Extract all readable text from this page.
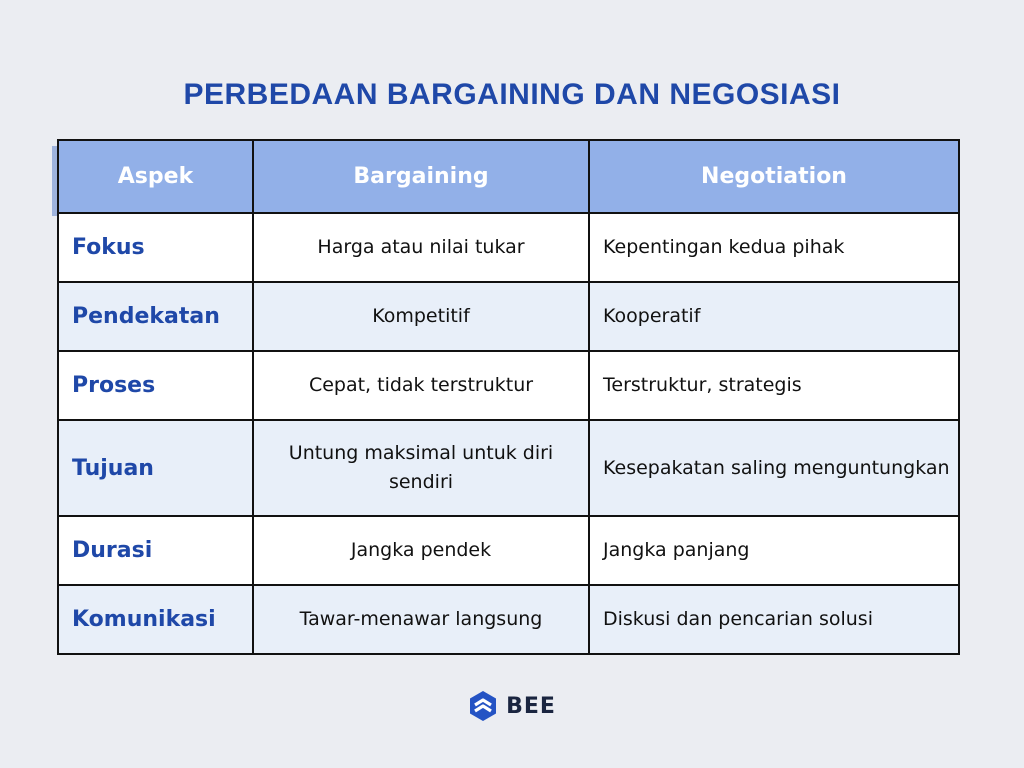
PERBEDAAN BARGAINING DAN NEGOSIASI
Aspek	Bargaining	Negotiation
Fokus	Harga atau nilai tukar	Kepentingan kedua pihak
Pendekatan	Kompetitif	Kooperatif
Proses	Cepat, tidak terstruktur	Terstruktur, strategis
Tujuan	Untung maksimal untuk diri sendiri	Kesepakatan saling menguntungkan
Durasi	Jangka pendek	Jangka panjang
Komunikasi	Tawar-menawar langsung	Diskusi dan pencarian solusi
BEE
